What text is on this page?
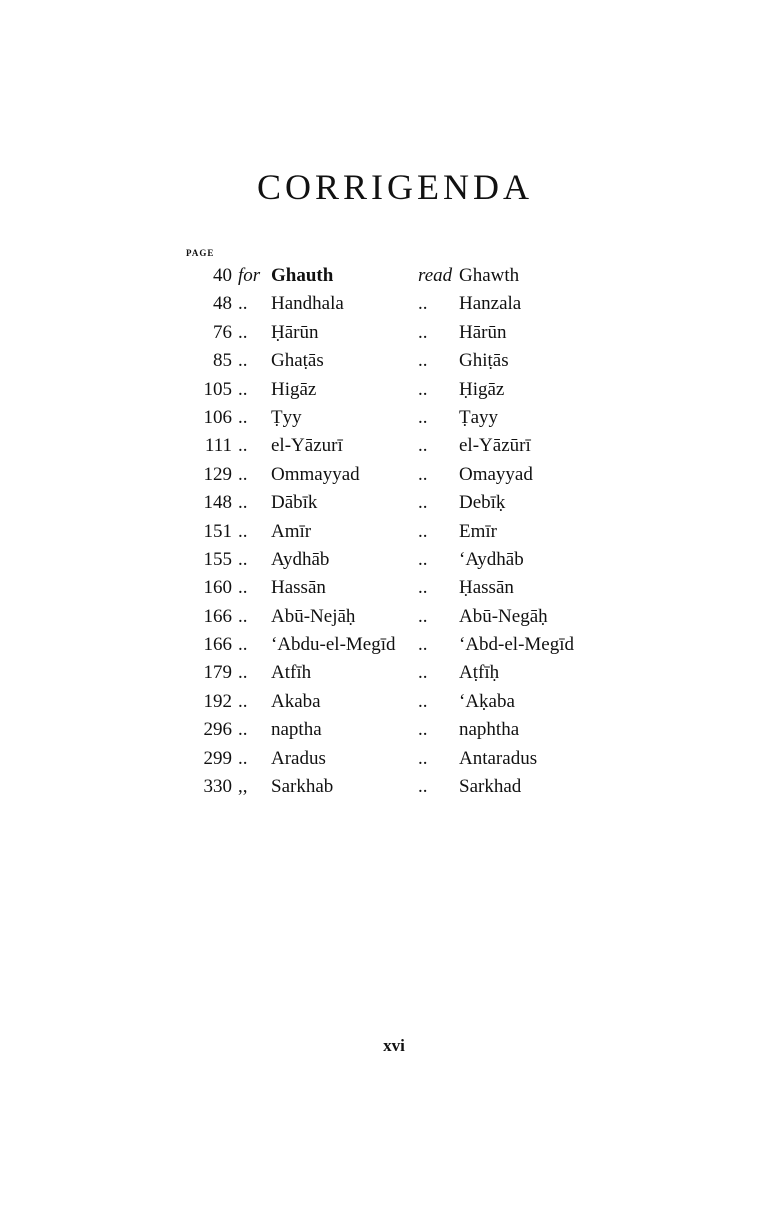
CORRIGENDA
PAGE
40 for Ghauth	read Ghawth
48 .. Handhala	.. Hanzala
76 .. Ḥārūn	.. Hārūn
85 .. Ghaṭās	.. Ghiṭās
105 .. Higāz	.. Ḥigāz
106 .. Ṭyy	.. Ṭayy
111 .. el-Yāzurī	.. el-Yāzūrī
129 .. Ommayyad	.. Omayyad
148 .. Dābīk	.. Debīḳ
151 .. Amīr	.. Emīr
155 .. Aydhāb	.. ʻAydhāb
160 .. Hassān	.. Ḥassān
166 .. Abū-Nejāḥ	.. Abū-Negāḥ
166 .. ʻAbdu-el-Megīd .. ʻAbd-el-Megīd
179 .. Atfīh	.. Aṭfīḥ
192 .. Akaba	.. ʻAḳaba
296 .. naptha	.. naphtha
299 .. Aradus	.. Antaradus
330 ,, Sarkhab	.. Sarkhad
xvi
